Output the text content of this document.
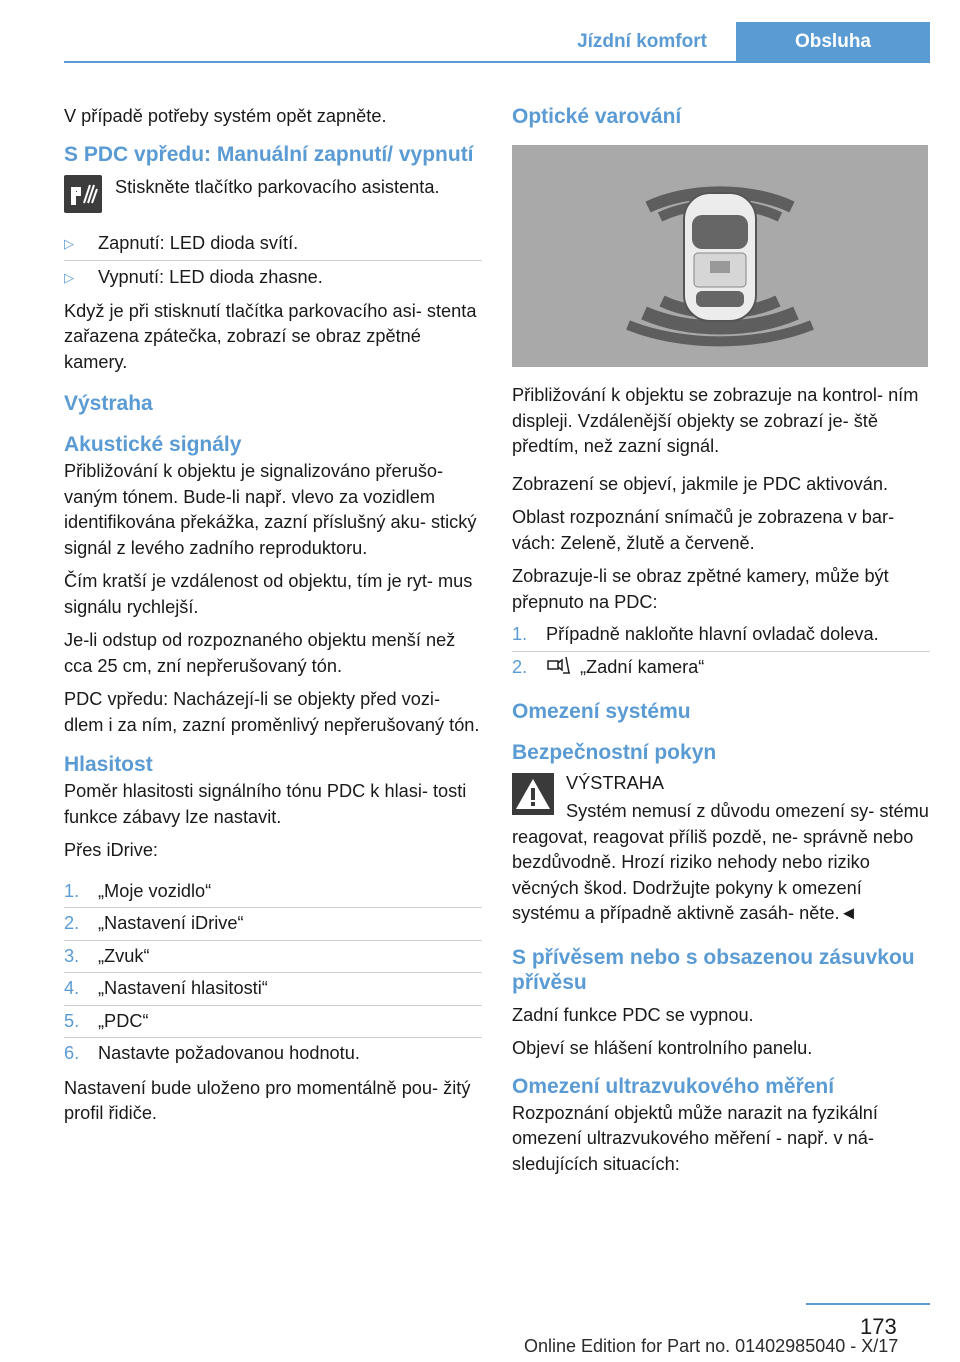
Jízdní komfort	Obsluha

V případě potřeby systém opět zapněte.

S PDC vpředu: Manuální zapnutí/ vypnutí
Stiskněte tlačítko parkovacího asistenta.
▷	Zapnutí: LED dioda svítí.
▷	Vypnutí: LED dioda zhasne.

Když je při stisknutí tlačítka parkovacího asi- stenta zařazena zpátečka, zobrazí se obraz zpětné kamery.

Výstraha
Akustické signály

Přibližování k objektu je signalizováno přerušo- vaným tónem. Bude-li např. vlevo za vozidlem identifikována překážka, zazní příslušný aku- stický signál z levého zadního reproduktoru.

Čím kratší je vzdálenost od objektu, tím je ryt- mus signálu rychlejší.

Je-li odstup od rozpoznaného objektu menší než cca 25 cm, zní nepřerušovaný tón.

PDC vpředu: Nacházejí-li se objekty před vozi- dlem i za ním, zazní proměnlivý nepřerušovaný tón.

Hlasitost

Poměr hlasitosti signálního tónu PDC k hlasi- tosti funkce zábavy lze nastavit.

Přes iDrive:

1.	„Moje vozidlo“
2.	„Nastavení iDrive“
3.	„Zvuk“
4.	„Nastavení hlasitosti“
5.	„PDC“
6.	Nastavte požadovanou hodnotu.

Nastavení bude uloženo pro momentálně pou- žitý profil řidiče.

Optické varování

Přibližování k objektu se zobrazuje na kontrol- ním displeji. Vzdálenější objekty se zobrazí je- ště předtím, než zazní signál.

Zobrazení se objeví, jakmile je PDC aktivován.

Oblast rozpoznání snímačů je zobrazena v bar- vách: Zeleně, žlutě a červeně.

Zobrazuje-li se obraz zpětné kamery, může být přepnuto na PDC:

1.	Případně nakloňte hlavní ovladač doleva.
2.	„Zadní kamera“
Omezení systému
Bezpečnostní pokyn
VÝSTRAHA

Systém nemusí z důvodu omezení sy- stému reagovat, reagovat příliš pozdě, ne- správně nebo bezdůvodně. Hrozí riziko nehody nebo riziko věcných škod. Dodržujte pokyny k omezení systému a případně aktivně zasáh- něte.◄

S přívěsem nebo s obsazenou zásuvkou přívěsu

Zadní funkce PDC se vypnou.

Objeví se hlášení kontrolního panelu.

Omezení ultrazvukového měření

Rozpoznání objektů může narazit na fyzikální omezení ultrazvukového měření - např. v ná- sledujících situacích:

173
Online Edition for Part no. 01402985040 - X/17
